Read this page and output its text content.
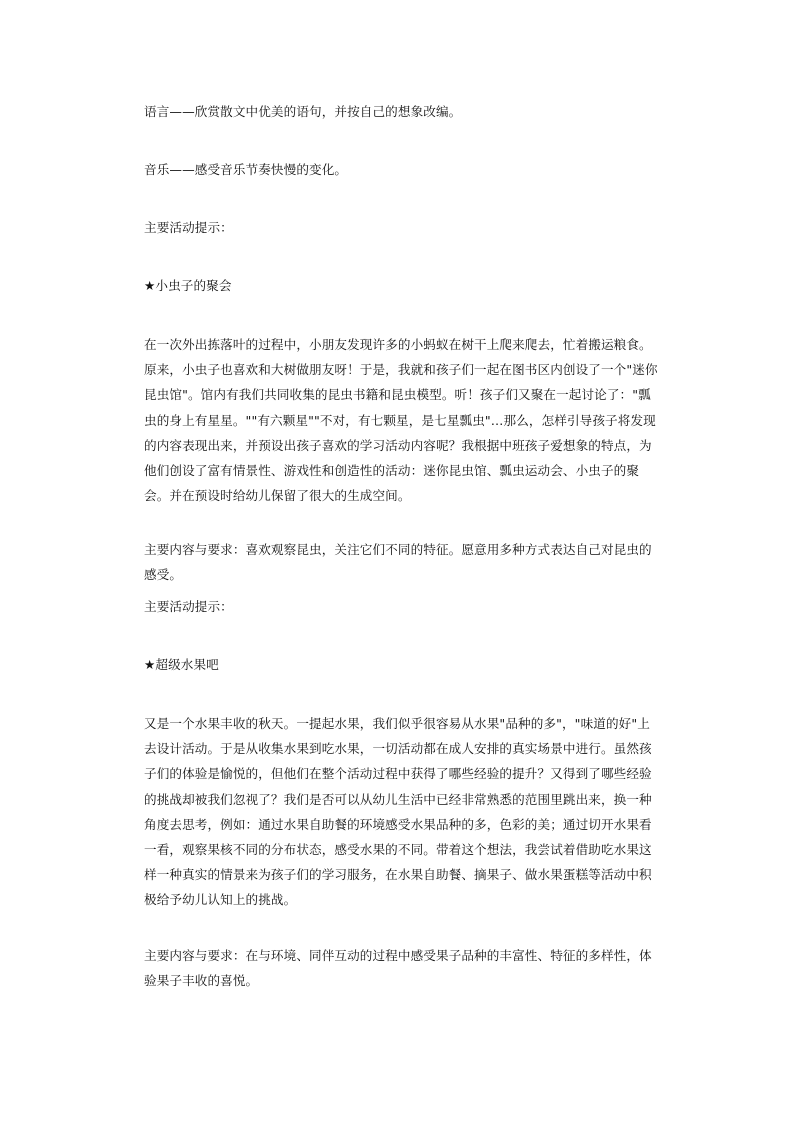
语言——欣赏散文中优美的语句，并按自己的想象改编。

音乐——感受音乐节奏快慢的变化。

主要活动提示：

★小虫子的聚会

在一次外出拣落叶的过程中，小朋友发现许多的小蚂蚁在树干上爬来爬去，忙着搬运粮食。原来，小虫子也喜欢和大树做朋友呀！于是，我就和孩子们一起在图书区内创设了一个"迷你昆虫馆"。馆内有我们共同收集的昆虫书籍和昆虫模型。听！孩子们又聚在一起讨论了："瓢虫的身上有星星。""有六颗星""不对，有七颗星，是七星瓢虫"…那么，怎样引导孩子将发现的内容表现出来，并预设出孩子喜欢的学习活动内容呢？我根据中班孩子爱想象的特点，为他们创设了富有情景性、游戏性和创造性的活动：迷你昆虫馆、瓢虫运动会、小虫子的聚会。并在预设时给幼儿保留了很大的生成空间。

主要内容与要求：喜欢观察昆虫，关注它们不同的特征。愿意用多种方式表达自己对昆虫的感受。

主要活动提示：

★超级水果吧

又是一个水果丰收的秋天。一提起水果，我们似乎很容易从水果"品种的多"，"味道的好"上去设计活动。于是从收集水果到吃水果，一切活动都在成人安排的真实场景中进行。虽然孩子们的体验是愉悦的，但他们在整个活动过程中获得了哪些经验的提升？又得到了哪些经验的挑战却被我们忽视了？我们是否可以从幼儿生活中已经非常熟悉的范围里跳出来，换一种角度去思考，例如：通过水果自助餐的环境感受水果品种的多，色彩的美；通过切开水果看一看，观察果核不同的分布状态，感受水果的不同。带着这个想法，我尝试着借助吃水果这样一种真实的情景来为孩子们的学习服务，在水果自助餐、摘果子、做水果蛋糕等活动中积极给予幼儿认知上的挑战。

主要内容与要求：在与环境、同伴互动的过程中感受果子品种的丰富性、特征的多样性，体验果子丰收的喜悦。
